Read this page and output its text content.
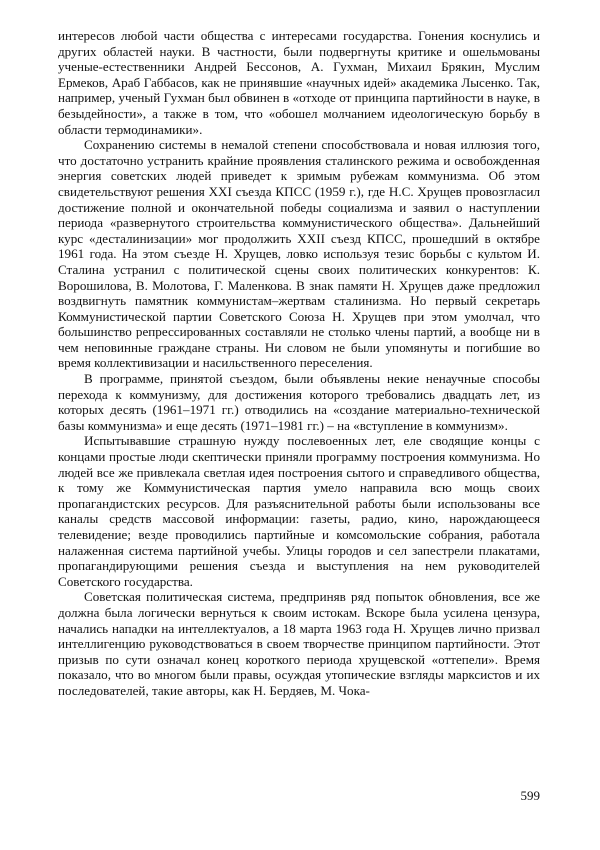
интересов любой части общества с интересами государства. Гонения коснулись и других областей науки. В частности, были подвергнуты критике и ошельмованы ученые-естественники Андрей Бессонов, А. Гухман, Михаил Брякин, Муслим Ермеков, Араб Габбасов, как не принявшие «научных идей» академика Лысенко. Так, например, ученый Гухман был обвинен в «отходе от принципа партийности в науке, в безыдейности», а также в том, что «обошел молчанием идеологическую борьбу в области термодинамики».

Сохранению системы в немалой степени способствовала и новая иллюзия того, что достаточно устранить крайние проявления сталинского режима и освобожденная энергия советских людей приведет к зримым рубежам коммунизма. Об этом свидетельствуют решения XXI съезда КПСС (1959 г.), где Н.С. Хрущев провозгласил достижение полной и окончательной победы социализма и заявил о наступлении периода «развернутого строительства коммунистического общества». Дальнейший курс «десталинизации» мог продолжить XXII съезд КПСС, прошедший в октябре 1961 года. На этом съезде Н. Хрущев, ловко используя тезис борьбы с культом И. Сталина устранил с политической сцены своих политических конкурентов: К. Ворошилова, В. Молотова, Г. Маленкова. В знак памяти Н. Хрущев даже предложил воздвигнуть памятник коммунистам–жертвам сталинизма. Но первый секретарь Коммунистической партии Советского Союза Н. Хрущев при этом умолчал, что большинство репрессированных составляли не столько члены партий, а вообще ни в чем неповинные граждане страны. Ни словом не были упомянуты и погибшие во время коллективизации и насильственного переселения.

В программе, принятой съездом, были объявлены некие ненаучные способы перехода к коммунизму, для достижения которого требовались двадцать лет, из которых десять (1961–1971 гг.) отводились на «создание материально-технической базы коммунизма» и еще десять (1971–1981 гг.) – на «вступление в коммунизм».

Испытывавшие страшную нужду послевоенных лет, еле сводящие концы с концами простые люди скептически приняли программу построения коммунизма. Но людей все же привлекала светлая идея построения сытого и справедливого общества, к тому же Коммунистическая партия умело направила всю мощь своих пропагандистских ресурсов. Для разъяснительной работы были использованы все каналы средств массовой информации: газеты, радио, кино, нарождающееся телевидение; везде проводились партийные и комсомольские собрания, работала налаженная система партийной учебы. Улицы городов и сел запестрели плакатами, пропагандирующими решения съезда и выступления на нем руководителей Советского государства.

Советская политическая система, предприняв ряд попыток обновления, все же должна была логически вернуться к своим истокам. Вскоре была усилена цензура, начались нападки на интеллектуалов, а 18 марта 1963 года Н. Хрущев лично призвал интеллигенцию руководствоваться в своем творчестве принципом партийности. Этот призыв по сути означал конец короткого периода хрущевской «оттепели». Время показало, что во многом были правы, осуждая утопические взгляды марксистов и их последователей, такие авторы, как Н. Бердяев, М. Чока-

599
